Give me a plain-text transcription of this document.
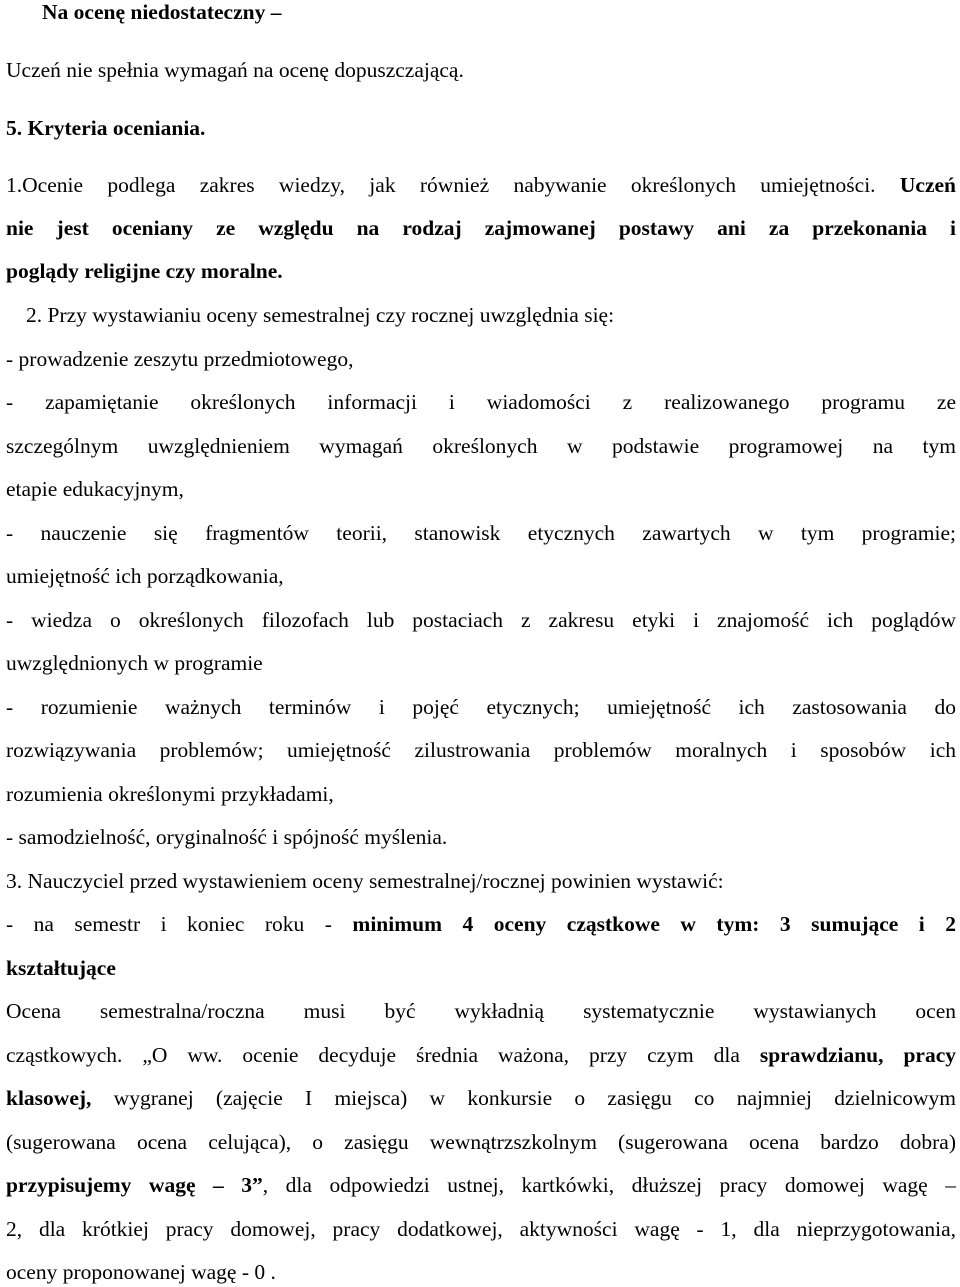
Na ocenę niedostateczny –
Uczeń nie spełnia wymagań na ocenę dopuszczającą.
5. Kryteria oceniania.
1.Ocenie podlega zakres wiedzy, jak również nabywanie określonych umiejętności. Uczeń
nie jest oceniany ze względu na rodzaj zajmowanej postawy ani za przekonania i
poglądy religijne czy moralne.
2. Przy wystawianiu oceny semestralnej czy rocznej uwzględnia się:
- prowadzenie zeszytu przedmiotowego,
- zapamiętanie określonych informacji i wiadomości z realizowanego programu ze
szczególnym uwzględnieniem wymagań określonych w podstawie programowej na tym
etapie edukacyjnym,
- nauczenie się fragmentów teorii, stanowisk etycznych zawartych w tym programie;
umiejętność ich porządkowania,
- wiedza o określonych filozofach lub postaciach z zakresu etyki i znajomość ich poglądów
uwzględnionych w programie
- rozumienie ważnych terminów i pojęć etycznych; umiejętność ich zastosowania do
rozwiązywania problemów; umiejętność zilustrowania problemów moralnych i sposobów ich
rozumienia określonymi przykładami,
- samodzielność, oryginalność i spójność myślenia.
3. Nauczyciel przed wystawieniem oceny semestralnej/rocznej powinien wystawić:
- na semestr i koniec roku - minimum 4 oceny cząstkowe w tym: 3 sumujące i 2
kształtujące
Ocena semestralna/roczna musi być wykładnią systematycznie wystawianych ocen
cząstkowych. „O ww. ocenie decyduje średnia ważona, przy czym dla sprawdzianu, pracy
klasowej, wygranej (zajęcie I miejsca) w konkursie o zasięgu co najmniej dzielnicowym
(sugerowana ocena celująca), o zasięgu wewnątrzszkolnym (sugerowana ocena bardzo dobra)
przypisujemy wagę – 3”, dla odpowiedzi ustnej, kartkówki, dłuższej pracy domowej wagę –
2, dla krótkiej pracy domowej, pracy dodatkowej, aktywności wagę - 1, dla nieprzygotowania,
oceny proponowanej wagę - 0 .
